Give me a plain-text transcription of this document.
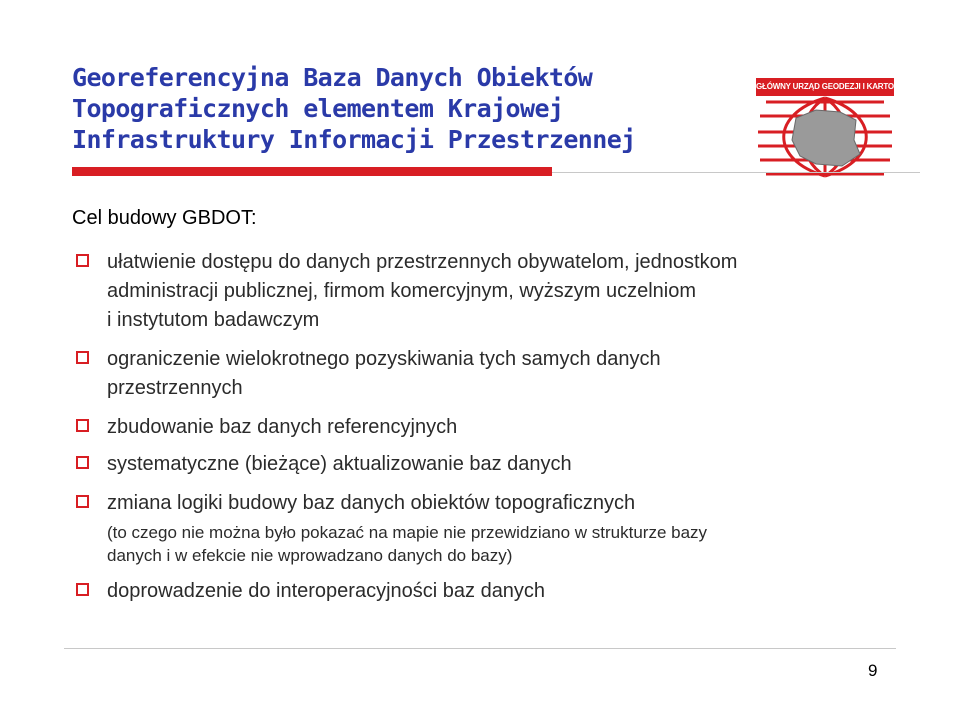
Georeferencyjna Baza Danych Obiektów
Topograficznych elementem Krajowej
Infrastruktury Informacji Przestrzennej
GŁÓWNY URZĄD GEODEZJI I KARTOGRAFII
Cel budowy GBDOT:
ułatwienie dostępu do danych przestrzennych obywatelom, jednostkom
administracji publicznej, firmom komercyjnym, wyższym uczelniom
i instytutom badawczym
ograniczenie wielokrotnego pozyskiwania tych samych danych
przestrzennych
zbudowanie baz danych referencyjnych
systematyczne (bieżące) aktualizowanie baz danych
zmiana logiki budowy baz danych obiektów topograficznych
(to czego nie można było pokazać na mapie nie przewidziano w strukturze bazy
danych i w efekcie nie wprowadzano danych do bazy)
doprowadzenie do interoperacyjności baz danych
9
